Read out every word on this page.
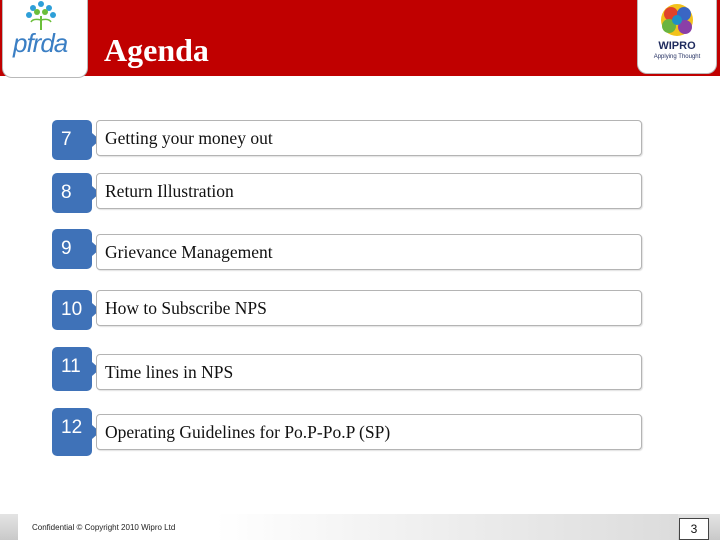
pfrda Agenda	WIPRO
Applying Thought
7	Getting your money out
8	Return Illustration
9	Grievance Management
10	How to Subscribe NPS
11	Time lines in NPS
12	Operating Guidelines for Po.P-Po.P (SP)
Confidential © Copyright 2010 Wipro Ltd	3
